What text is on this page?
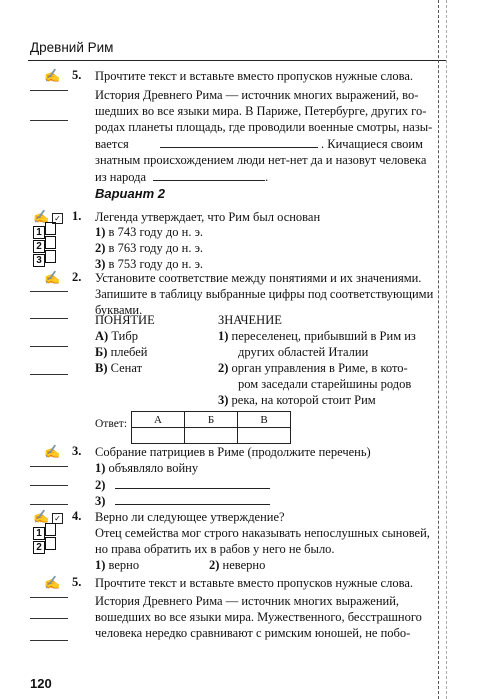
Древний Рим
✍ 5. Прочтите текст и вставьте вместо пропусков нужные слова.
История Древнего Рима — источник многих выражений, во-
шедших во все языки мира. В Париже, Петербурге, других го-
родах планеты площадь, где проводили военные смотры, назы-
вается	. Кичащиеся своим
знатным происхождением люди нет-нет да и назовут человека
из народа	.
Вариант 2
✍ ✓ 1. Легенда утверждает, что Рим был основан
1
2
3
1) в 743 году до н. э.
2) в 763 году до н. э.
3) в 753 году до н. э.
✍ 2. Установите соответствие между понятиями и их значениями.
Запишите в таблицу выбранные цифры под соответствующими
буквами.
ПОНЯТИЕ	ЗНАЧЕНИЕ
А) Тибр
Б) плебей
В) Сенат
1) переселенец, прибывший в Рим из
других областей Италии
2) орган управления в Риме, в кото-
ром заседали старейшины родов
3) река, на которой стоит Рим
Ответ: А	Б	В

✍ 3. Собрание патрициев в Риме (продолжите перечень)
1) объявляло войну
2)
3)
✍ ✓ 4. Верно ли следующее утверждение?
1
2
Отец семейства мог строго наказывать непослушных сыновей,
но права обратить их в рабов у него не было.
1) верно	2) неверно
✍ 5. Прочтите текст и вставьте вместо пропусков нужные слова.
История Древнего Рима — источник многих выражений,
вошедших во все языки мира. Мужественного, бесстрашного
человека нередко сравнивают с римским юношей, не побо-
120
